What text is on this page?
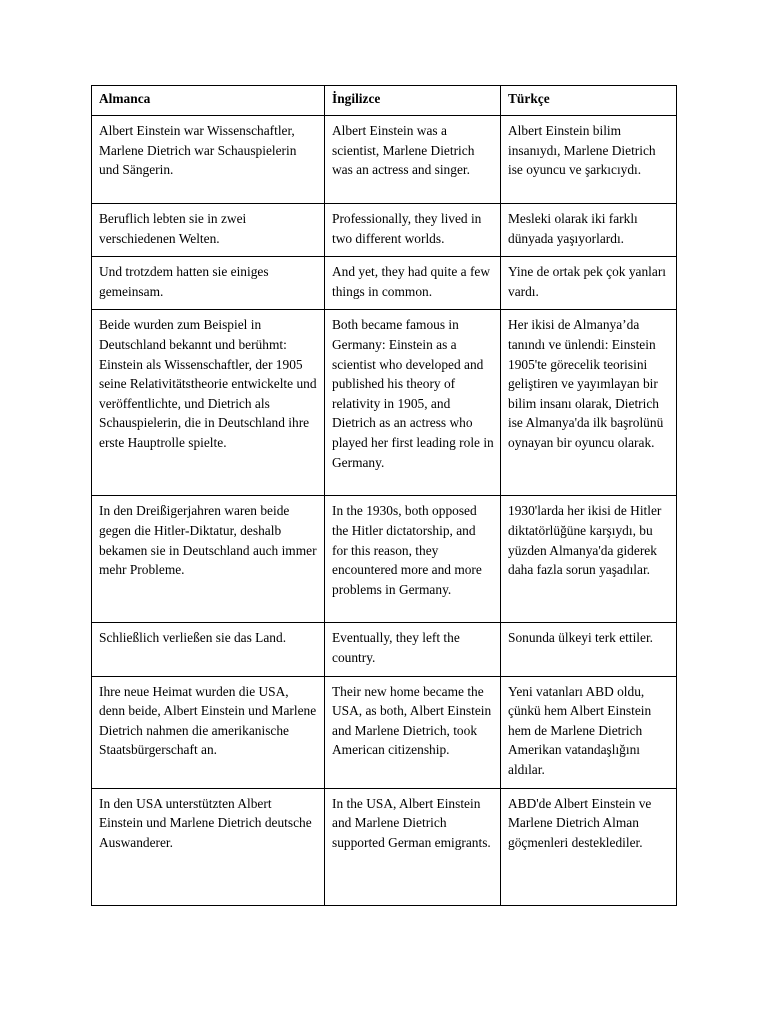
Almanca	İngilizce	Türkçe
Albert Einstein war Wissenschaftler, Marlene Dietrich war Schauspielerin und Sängerin.	Albert Einstein was a scientist, Marlene Dietrich was an actress and singer.	Albert Einstein bilim insanıydı, Marlene Dietrich ise oyuncu ve şarkıcıydı.
Beruflich lebten sie in zwei verschiedenen Welten.	Professionally, they lived in two different worlds.	Mesleki olarak iki farklı dünyada yaşıyorlardı.
Und trotzdem hatten sie einiges gemeinsam.	And yet, they had quite a few things in common.	Yine de ortak pek çok yanları vardı.
Beide wurden zum Beispiel in Deutschland bekannt und berühmt: Einstein als Wissenschaftler, der 1905 seine Relativitätstheorie entwickelte und veröffentlichte, und Dietrich als Schauspielerin, die in Deutschland ihre erste Hauptrolle spielte.	Both became famous in Germany: Einstein as a scientist who developed and published his theory of relativity in 1905, and Dietrich as an actress who played her first leading role in Germany.	Her ikisi de Almanya’da tanındı ve ünlendi: Einstein 1905'te görecelik teorisini geliştiren ve yayımlayan bir bilim insanı olarak, Dietrich ise Almanya'da ilk başrolünü oynayan bir oyuncu olarak.
In den Dreißigerjahren waren beide gegen die Hitler-Diktatur, deshalb bekamen sie in Deutschland auch immer mehr Probleme.	In the 1930s, both opposed the Hitler dictatorship, and for this reason, they encountered more and more problems in Germany.	1930'larda her ikisi de Hitler diktatörlüğüne karşıydı, bu yüzden Almanya'da giderek daha fazla sorun yaşadılar.
Schließlich verließen sie das Land.	Eventually, they left the country.	Sonunda ülkeyi terk ettiler.
Ihre neue Heimat wurden die USA, denn beide, Albert Einstein und Marlene Dietrich nahmen die amerikanische Staatsbürgerschaft an.	Their new home became the USA, as both, Albert Einstein and Marlene Dietrich, took American citizenship.	Yeni vatanları ABD oldu, çünkü hem Albert Einstein hem de Marlene Dietrich Amerikan vatandaşlığını aldılar.
In den USA unterstützten Albert Einstein und Marlene Dietrich deutsche Auswanderer.	In the USA, Albert Einstein and Marlene Dietrich supported German emigrants.	ABD'de Albert Einstein ve Marlene Dietrich Alman göçmenleri desteklediler.
